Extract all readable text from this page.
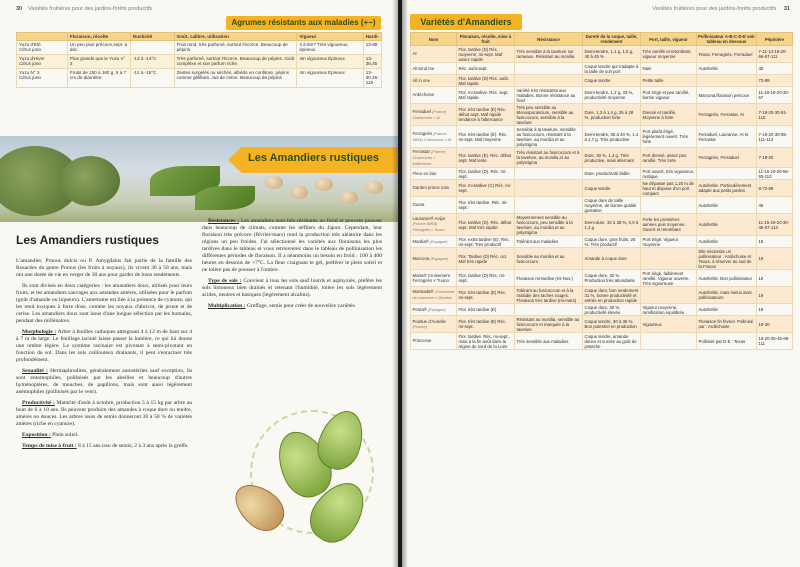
30 Variétés fruitières pour des jardins-forêts productifs
Agrumes résistants aux maladies (+−)
	Floraison, récolte	Rusticité	Goût, calibre, utilisation	Vigueur	Hardi-
Yuzu d'Été
Citrus juno	Un peu plus précoce,sept. à déc.		Fruit rond, très parfumé, surtout l'écorce. Beaucoup de pépins	4 à 5m? Très vigoureux, épineux	13-88
Yuzu d'Hiver
Citrus juno	Plus grands que le Yuzu n° 3	-13 à -14°C	Très parfumé, surtout l'écorce. Beaucoup de pépins. Goût complexe et son parfum riche.	4m vigoureux Épineux	13-38,45
Yuzu N° 3
Citrus juno	Fruits de 150 à 160 g, 5 à 7 cm de diamètre	-12 à -15°C	Zestes surgelés ou séchés, albédo en confiture, pépins comme gélifiant. Jus de citron. Beaucoup de pépins	4m vigoureux Épineux	13-30,45-115
Les Amandiers rustiques
Les Amandiers rustiques

L'amandier, Prunus dulcis ou P. Amygdalus fait partie de la famille des Rosacées du genre Prunus (les fruits à noyaux), ils vivent 30 à 50 ans, mais ont une durée de vie en verger de 30 ans pour garder de bons rendements.

Ils sont divisés en deux catégories : les amandiers doux, utilisés pour leurs fruits, et les amandiers sauvages aux amandes amères, utilisées pour le parfum (goût d'amande ou liqueurs). L'amertume est liée à la présence de cyanure, qui les rend toxiques à forte dose, comme les noyaux d'abricot, de prune et de cerise. Les amandiers doux sont issus d'une longue sélection par les humains, pendant des millénaires.

Morphologie : Arbre à feuilles caduques atteignant 4 à 12 m de haut sur 4 à 7 m de large. Le feuillage lacinié laisse passer la lumière, ce qui lui donne une ombre légère. Le système racinaire est pivotant à semi-pivotant en fonction du sol. Dans les sols caillouteux drainants, il peut s'enraciner très profondément.

Sexualité : Hermaphrodites, généralement autostériles sauf exception, ils sont entomophiles, pollinisés par les abeilles et beaucoup d'autres hyménoptères, de mouches, de papillons, mais sont aussi légèrement anémophiles (pollinisés par le vent).

Productivité : Maturité d'août à octobre, production 5 à 15 kg par arbre au bout de 6 à 10 ans. Ils peuvent produire des amandes à coque dure ou tendre, amères ou douces. Les arbres issus de semis donneront 30 à 50 % de variétés amères (riche en cyanure).

Exposition : Plein soleil.

Temps de mise à fruit : 8 à 15 ans issu de semis, 2 à 3 ans après la greffe.

Résistances : Les amandiers sont très résistants au froid et peuvent pousser dans beaucoup de climats, comme les néfliers du Japon. Cependant, leur floraison très précoce (février-mars) rend la production très aléatoire dans les régions un peu froides. J'ai sélectionné les variétés aux floraisons les plus tardives dans le tableau et vous retrouverez dans le tableau de pollinisation les différentes périodes de floraison. Il a néanmoins un besoin en froid : 100 à 400 heures en dessous de +7°C. La fleur craignant le gel, préférer le plein soleil et ne tolère pas de pousser à l'ombre.

Type de sols : Convient à tous les sols sauf lourds et asphyxiés, préfère les sols limoneux bien drainés et retenant l'humidité, tolère les sols légèrement acides, neutres et basiques (légèrement alcalins).

Multiplication : Greffage, semis pour créer de nouvelles variétés.

Variétés fruitières pour des jardins-forêts productifs 31
Variétés d'Amandiers
Nom	Floraison, récolte, mise à fruit	Résistance	Dureté de la coque, taille, rendement	Port, taille, vigueur	Pollinisateur A-B-C-D-E voir tableau en dessous	Pépinière
Aï	Flor. tardive (D) Réc. moyenne, mi-sept. Maf assez rapide	Très sensible à la tavelure sur rameaux. Résistant au monilia	Demi-tendre, 1,1 g, 1,5 g, 40 à 45 %	Très ramifié et retombant, vigueur moyenne	Texas, Ferragnès, Ferraduel	7-11-14-19-20-66-67-111
Almond me	Réc. août-sept.		Coque tendre qui s'adapte à la taille de son port	Nain	Autofertile	45
All in one	Flor. tardive (D) Réc. août. Maf rapide		Coque tendre	Petite taille		72-89
Ardéchoise	Flor. mi-tardive. Réc. sept. Maf rapide	Variété très résistante aux maladies. Bonne résistance au froid	Demi-tendre, 1,2 g, 33 %, productivité moyenne	Port érigé et peu ramifié, bonne vigueur	Marcona,floraison précoce	11-18-19-20-30-67
Ferraduel (France) Cristomorto × Aï	Flor. très tardive (E) Réc. début sept. Maf rapide tendance à l'alternance	Très peu sensible au Monosporascium, sensible au fusicoccum, sensible à la tavelure	Dure, 1,3 à 1,4 g, 25 à 28 %, production forte	Dressé et ramifié. Moyenne à forte	Ferragnès, Ferrastar, Aï	7-19-20-30-91-115
Ferragnès (France-INRA) Cristomorto × Aï	Flor. très tardive (E). Réc. mi-sept. Maf moyenne	Sensible à la tavelure, sensible au fusicoccum, résistant à la tavelure, au monilia et au polystigma	Demi-tendre, 35 à 40 %, 1,4 à 1,7 g. Très productive	Port plutôt érigé, légèrement ouvert. Très forte	Ferraduel, Lauranne, Aï et Ferrastar	7-19-20-30-95-111-113
Ferrastar (France) Cristomorto × Ardéchoise	Flor. tardive (E). Réc. début sept. Maf lente	Très résistant au fusicoccum et à la tavelure, au monilia et au polystigma	Dure, 30 %, 1,4 g. Très productive, mais alternant	Port dressé, assez peu ramifié. Très forte	Ferragnès, Ferraduel	7-19-20
Fleur en bas	Flor. tardive (D). Réc. mi-sept.		Dure, productivité faible	Port ouvert, très vigoureux, rustique		11-16-19-20-66-93-113
Garden prince nain	Flor. mi-tardive (C) Réc. mi-sept.		Coque tendre	Ne dépasse pas 1,20 m de haut et dispose d'un port compact	Autofertile. Particulièrement adapté aux petits jardins	8-72-89
Guara	Flor. très tardive. Réc. mi-sept.		Coque dure de taille moyenne, de bonne qualité gustative		Autofertile	45
Lauranne® Avijor (France-INRA) Ferragnès × Tuono	Flor. tardive (D). Réc. début sept. Maf très rapide	Moyennement sensible au fusicoccum, peu sensible à la tavelure, au monilia et au polystigma	Demi-dure, 32 à 38 %, 0,9 à 1,2 g	Forte les premières années puis moyenne. Ouvert et retombant	Autofertile	11-15-19-20-30-45-67-113
Mardia® (Espagne)	Flor. extra tardive (E). Réc. mi-sept. Très productif	Tolérant aux maladies	Coque dure, gros fruits, 25 %. Très productif	Port érigé. Vigueur moyenne	Autofertile	19
Marcona (Espagne)	Flor. Tardive (D) Réc. oct. Maf très rapide	Sensible au monilia et au fusicoccum	Amande à coque dure		Elle nécessite un pollinisateur : Ardéchoise et Texas, à réserver au sud de la France	19
Marta® Croisement Ferragnès × Tuono	Flor. tardive (D) Réc. mi-sept.	Floraison mi-tardive (mi-Nov.)	Coque dure, 32 %. Production très abondante	Port érigé, faiblement ramifié. Vigueur ouverte. Très vigoureuse	Autofertile. Bon pollinisateur	19
Marinada® Croisement de Lauranne × Glorieta	Flor. très tardive (E) Réc. mi-sept.	Tolérant au fusicoccum et à la maladie des taches rouges. Floraison très tardive (mi-mars)	Coque dure, bon rendement 31 %, bonne productivité et entrée en production rapide		Autofertile, mais mieux avec pollinisateurs	19
Penta® (Espagne)	Flor. très tardive (E)		Coque dure, 30 %, productivité élevée	Vigueur moyenne, ramification équilibrée	Autofertile	19
Pointue d'Aurielle (France)	Flor. très tardive (E) Réc. mi-sept.	Résistant au monilia, sensible au fusicoccum et marquée à la tavelure	Coque tendre, 30 à 35 %. Bon potentiel en production	Vigoureux	Floraison fin février. Pollinisé par : Ardéchoise	19-30
Princesse	Flor. tardive. Réc. mi-sept., mais à la fin août dans la région du nord de la Loire	Très sensible aux maladies	Coque tendre, amande douce et sucrée au goût de pistache		Pollinisé par D-E : Texas	19-20-35-45-88-111
